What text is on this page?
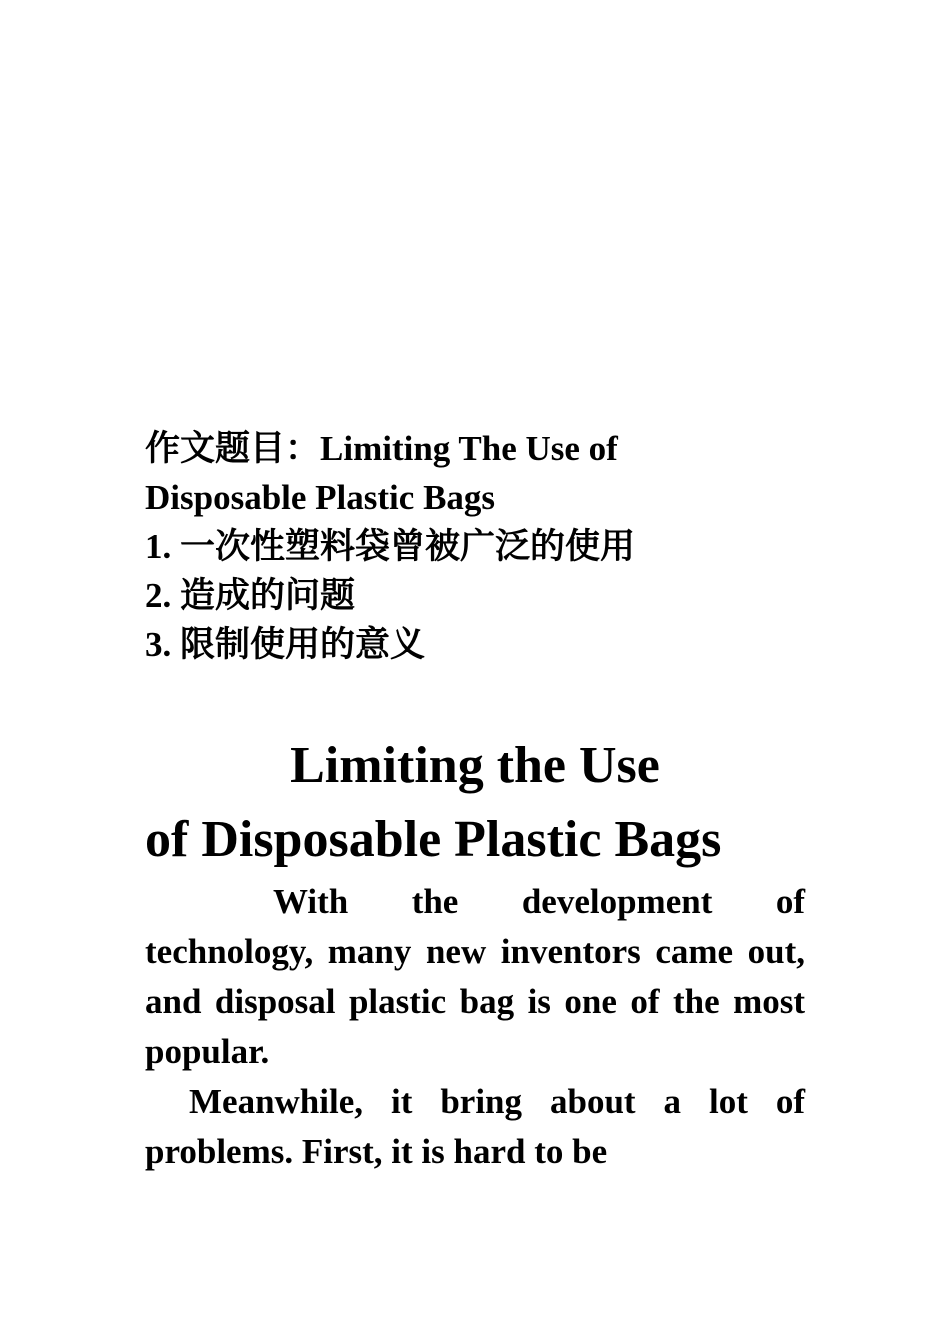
作文题目：Limiting The Use of
Disposable Plastic Bags
1. 一次性塑料袋曾被广泛的使用
2. 造成的问题
3. 限制使用的意义
Limiting the Use
of Disposable Plastic Bags

With the development of technology, many new inventors came out, and disposal plastic bag is one of the most popular.

Meanwhile, it bring about a lot of problems. First, it is hard to be
